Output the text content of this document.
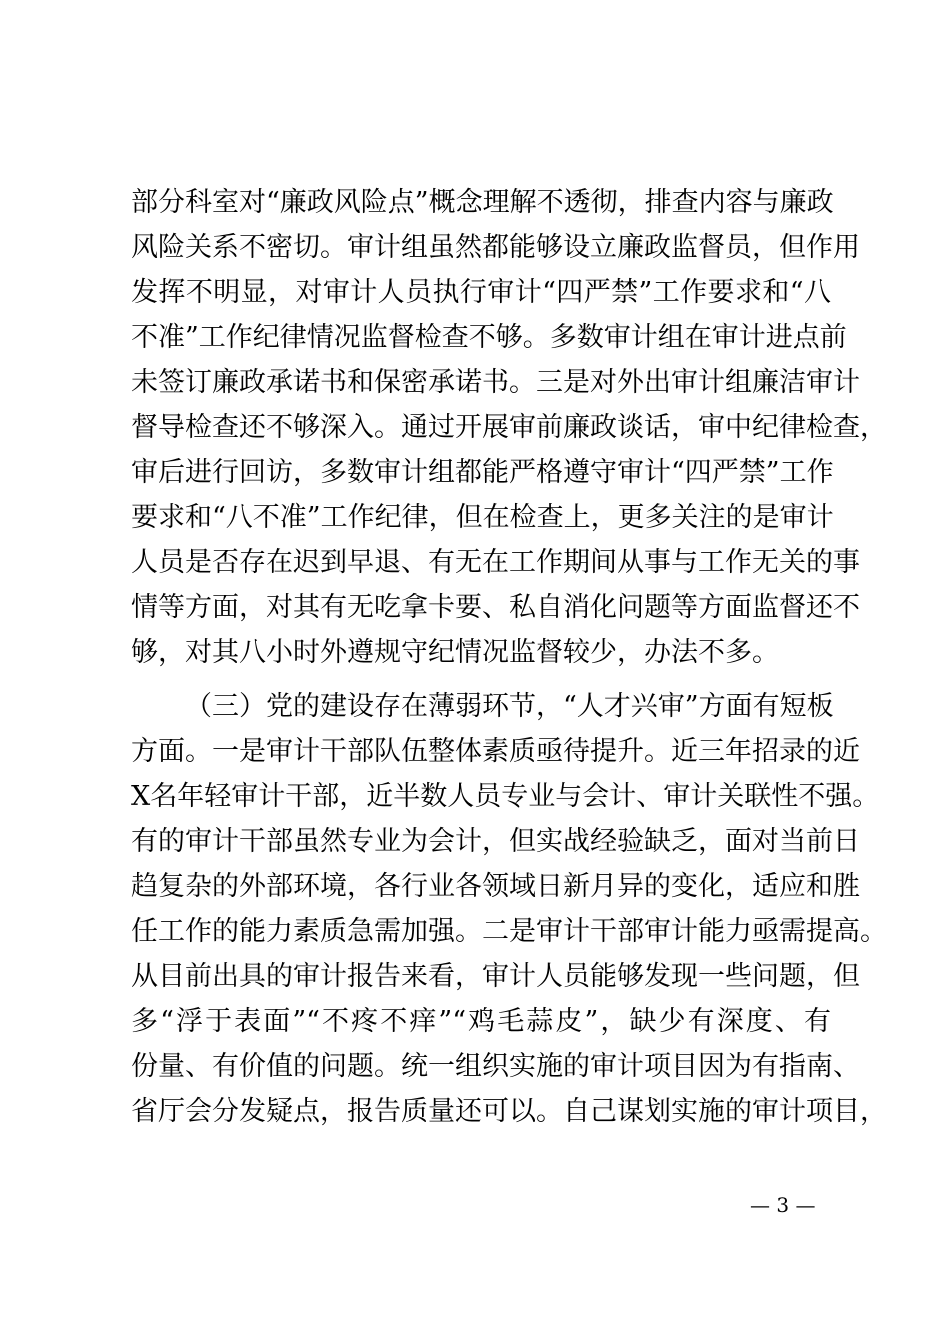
部分科室对“廉政风险点”概念理解不透彻，排查内容与廉政
风险关系不密切。审计组虽然都能够设立廉政监督员，但作用
发挥不明显，对审计人员执行审计“四严禁”工作要求和“八
不准”工作纪律情况监督检查不够。多数审计组在审计进点前
未签订廉政承诺书和保密承诺书。三是对外出审计组廉洁审计
督导检查还不够深入。通过开展审前廉政谈话，审中纪律检查，
审后进行回访，多数审计组都能严格遵守审计“四严禁”工作
要求和“八不准”工作纪律，但在检查上，更多关注的是审计
人员是否存在迟到早退、有无在工作期间从事与工作无关的事
情等方面，对其有无吃拿卡要、私自消化问题等方面监督还不
够，对其八小时外遵规守纪情况监督较少，办法不多。
（三）党的建设存在薄弱环节，“人才兴审”方面有短板
方面。一是审计干部队伍整体素质亟待提升。近三年招录的近
X名年轻审计干部，近半数人员专业与会计、审计关联性不强。
有的审计干部虽然专业为会计，但实战经验缺乏，面对当前日
趋复杂的外部环境，各行业各领域日新月异的变化，适应和胜
任工作的能力素质急需加强。二是审计干部审计能力亟需提高。
从目前出具的审计报告来看，审计人员能够发现一些问题，但
多“浮于表面”“不疼不痒”“鸡毛蒜皮”，缺少有深度、有
份量、有价值的问题。统一组织实施的审计项目因为有指南、
省厅会分发疑点，报告质量还可以。自己谋划实施的审计项目，
— 3 —
